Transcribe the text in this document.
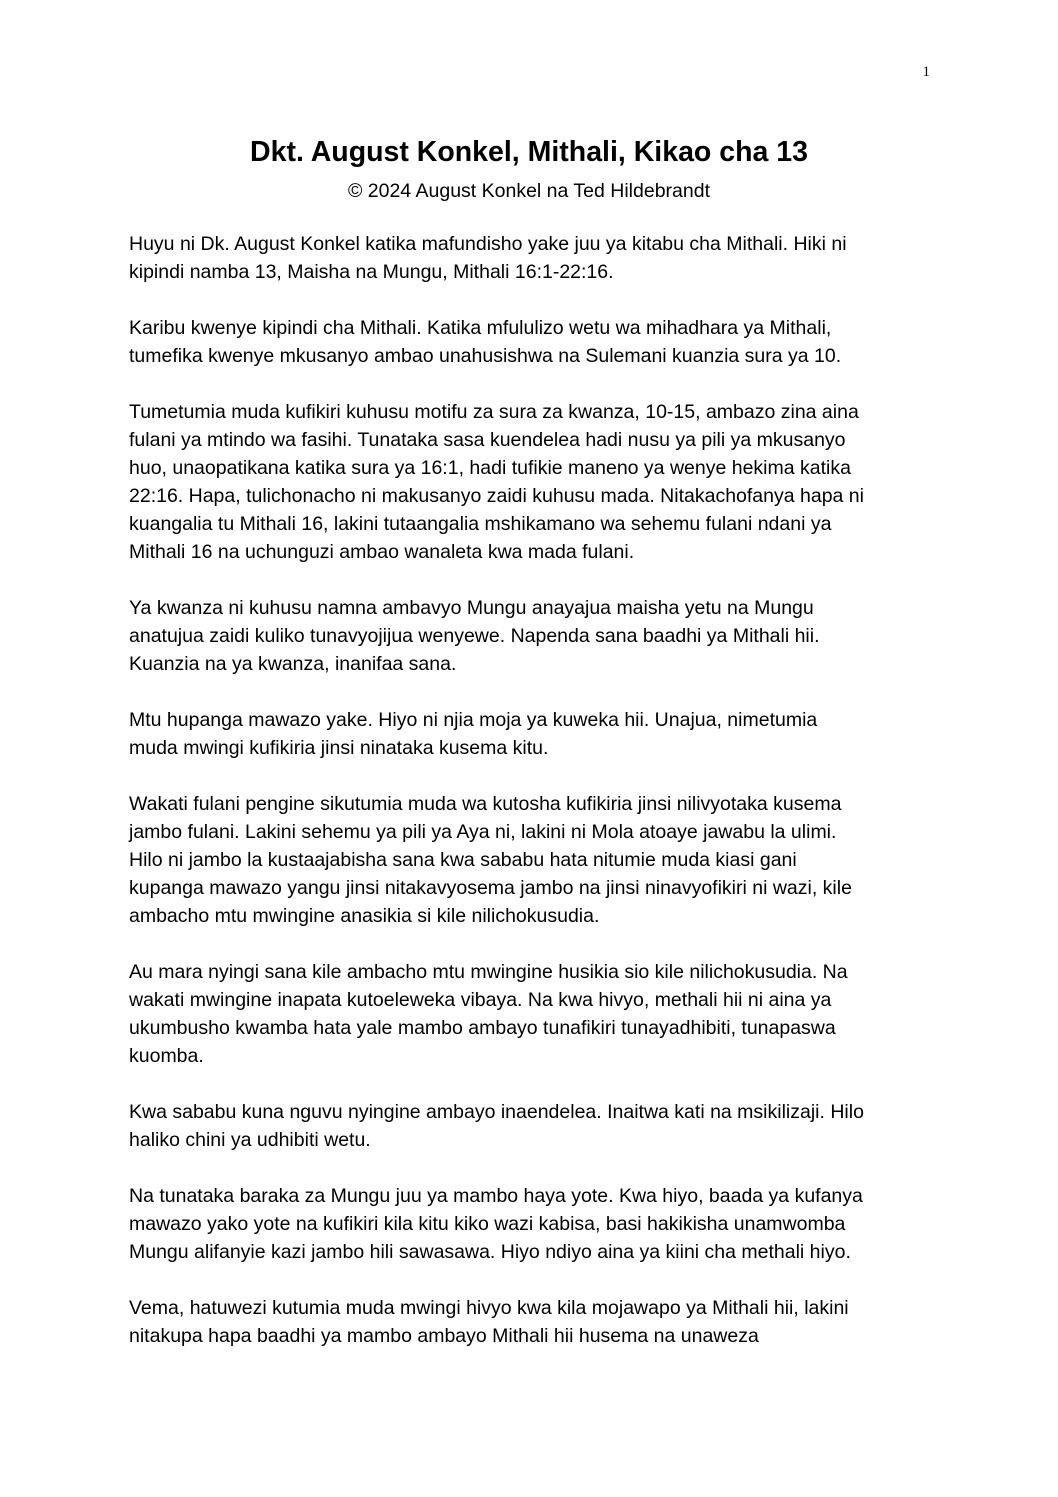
1
Dkt. August Konkel, Mithali, Kikao cha 13
© 2024 August Konkel na Ted Hildebrandt

Huyu ni Dk. August Konkel katika mafundisho yake juu ya kitabu cha Mithali. Hiki ni
kipindi namba 13, Maisha na Mungu, Mithali 16:1-22:16.

Karibu kwenye kipindi cha Mithali. Katika mfululizo wetu wa mihadhara ya Mithali,
tumefika kwenye mkusanyo ambao unahusishwa na Sulemani kuanzia sura ya 10.

Tumetumia muda kufikiri kuhusu motifu za sura za kwanza, 10-15, ambazo zina aina
fulani ya mtindo wa fasihi. Tunataka sasa kuendelea hadi nusu ya pili ya mkusanyo
huo, unaopatikana katika sura ya 16:1, hadi tufikie maneno ya wenye hekima katika
22:16. Hapa, tulichonacho ni makusanyo zaidi kuhusu mada. Nitakachofanya hapa ni
kuangalia tu Mithali 16, lakini tutaangalia mshikamano wa sehemu fulani ndani ya
Mithali 16 na uchunguzi ambao wanaleta kwa mada fulani.

Ya kwanza ni kuhusu namna ambavyo Mungu anayajua maisha yetu na Mungu
anatujua zaidi kuliko tunavyojijua wenyewe. Napenda sana baadhi ya Mithali hii.
Kuanzia na ya kwanza, inanifaa sana.

Mtu hupanga mawazo yake. Hiyo ni njia moja ya kuweka hii. Unajua, nimetumia
muda mwingi kufikiria jinsi ninataka kusema kitu.

Wakati fulani pengine sikutumia muda wa kutosha kufikiria jinsi nilivyotaka kusema
jambo fulani. Lakini sehemu ya pili ya Aya ni, lakini ni Mola atoaye jawabu la ulimi.
Hilo ni jambo la kustaajabisha sana kwa sababu hata nitumie muda kiasi gani
kupanga mawazo yangu jinsi nitakavyosema jambo na jinsi ninavyofikiri ni wazi, kile
ambacho mtu mwingine anasikia si kile nilichokusudia.

Au mara nyingi sana kile ambacho mtu mwingine husikia sio kile nilichokusudia. Na
wakati mwingine inapata kutoeleweka vibaya. Na kwa hivyo, methali hii ni aina ya
ukumbusho kwamba hata yale mambo ambayo tunafikiri tunayadhibiti, tunapaswa
kuomba.

Kwa sababu kuna nguvu nyingine ambayo inaendelea. Inaitwa kati na msikilizaji. Hilo
haliko chini ya udhibiti wetu.

Na tunataka baraka za Mungu juu ya mambo haya yote. Kwa hiyo, baada ya kufanya
mawazo yako yote na kufikiri kila kitu kiko wazi kabisa, basi hakikisha unamwomba
Mungu alifanyie kazi jambo hili sawasawa. Hiyo ndiyo aina ya kiini cha methali hiyo.

Vema, hatuwezi kutumia muda mwingi hivyo kwa kila mojawapo ya Mithali hii, lakini
nitakupa hapa baadhi ya mambo ambayo Mithali hii husema na unaweza
